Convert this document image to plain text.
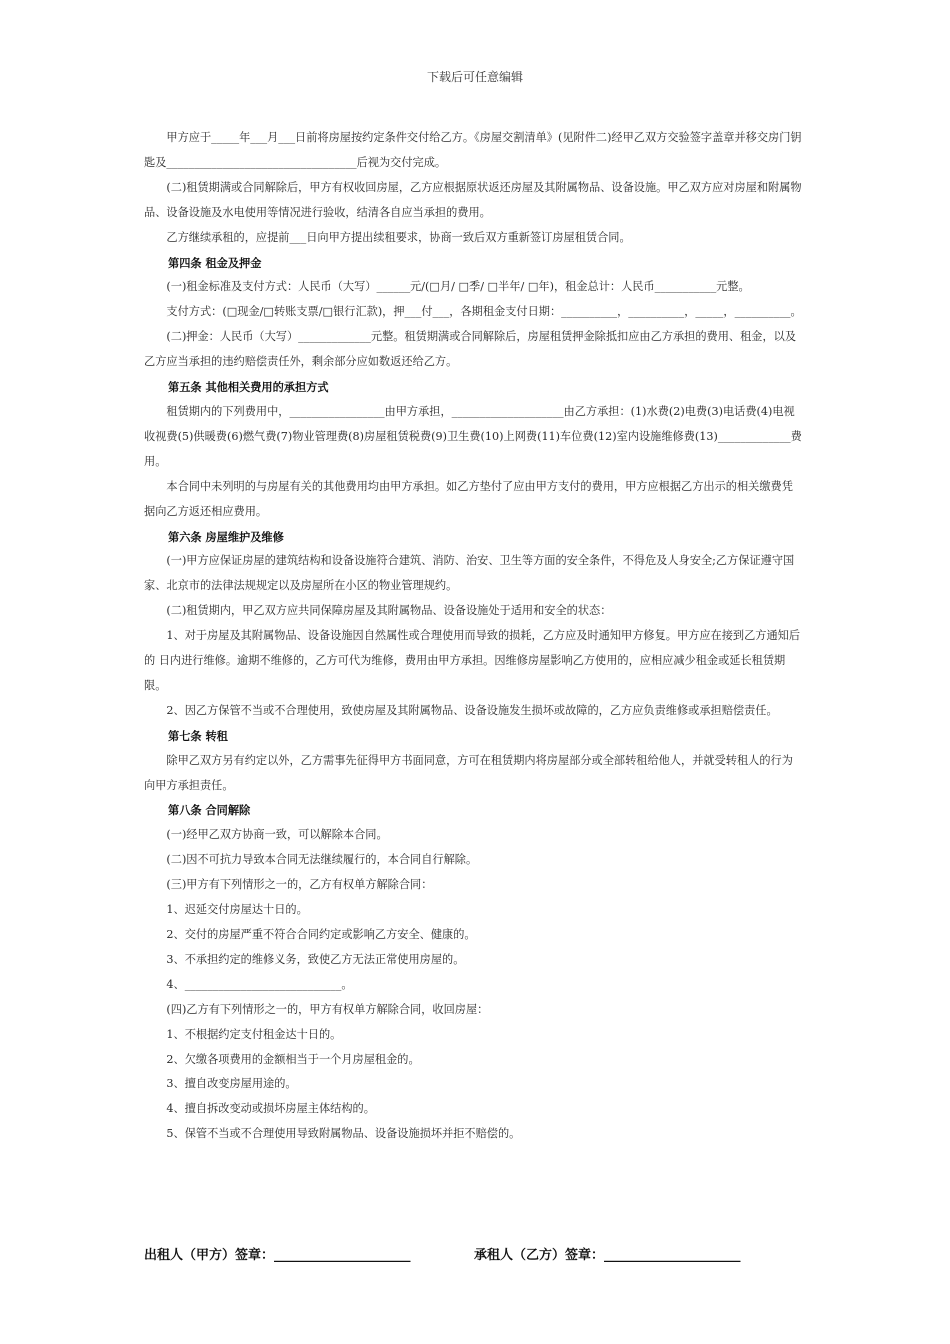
下载后可任意编辑

甲方应于_____年___月___日前将房屋按约定条件交付给乙方。《房屋交割清单》(见附件二)经甲乙双方交验签字盖章并移交房门钥匙及__________________________________后视为交付完成。

(二)租赁期满或合同解除后，甲方有权收回房屋，乙方应根据原状返还房屋及其附属物品、设备设施。甲乙双方应对房屋和附属物品、设备设施及水电使用等情况进行验收，结清各自应当承担的费用。

乙方继续承租的，应提前___日向甲方提出续租要求，协商一致后双方重新签订房屋租赁合同。

第四条 租金及押金

(一)租金标准及支付方式：人民币（大写）______元/(□月/ □季/ □半年/ □年)，租金总计：人民币___________元整。

支付方式：(□现金/□转账支票/□银行汇款)，押___付___，各期租金支付日期：__________，__________，_____，__________。

(二)押金：人民币（大写）_____________元整。租赁期满或合同解除后，房屋租赁押金除抵扣应由乙方承担的费用、租金，以及乙方应当承担的违约赔偿责任外，剩余部分应如数返还给乙方。

第五条 其他相关费用的承担方式

租赁期内的下列费用中，_________________由甲方承担，____________________由乙方承担：(1)水费(2)电费(3)电话费(4)电视收视费(5)供暖费(6)燃气费(7)物业管理费(8)房屋租赁税费(9)卫生费(10)上网费(11)车位费(12)室内设施维修费(13)_____________费用。

本合同中未列明的与房屋有关的其他费用均由甲方承担。如乙方垫付了应由甲方支付的费用，甲方应根据乙方出示的相关缴费凭据向乙方返还相应费用。

第六条 房屋维护及维修

(一)甲方应保证房屋的建筑结构和设备设施符合建筑、消防、治安、卫生等方面的安全条件，不得危及人身安全;乙方保证遵守国家、北京市的法律法规规定以及房屋所在小区的物业管理规约。

(二)租赁期内，甲乙双方应共同保障房屋及其附属物品、设备设施处于适用和安全的状态：

1、对于房屋及其附属物品、设备设施因自然属性或合理使用而导致的损耗，乙方应及时通知甲方修复。甲方应在接到乙方通知后的 日内进行维修。逾期不维修的，乙方可代为维修，费用由甲方承担。因维修房屋影响乙方使用的，应相应减少租金或延长租赁期限。

2、因乙方保管不当或不合理使用，致使房屋及其附属物品、设备设施发生损坏或故障的，乙方应负责维修或承担赔偿责任。

第七条 转租

除甲乙双方另有约定以外，乙方需事先征得甲方书面同意，方可在租赁期内将房屋部分或全部转租给他人，并就受转租人的行为向甲方承担责任。

第八条 合同解除

(一)经甲乙双方协商一致，可以解除本合同。

(二)因不可抗力导致本合同无法继续履行的，本合同自行解除。

(三)甲方有下列情形之一的，乙方有权单方解除合同：

1、迟延交付房屋达十日的。

2、交付的房屋严重不符合合同约定或影响乙方安全、健康的。

3、不承担约定的维修义务，致使乙方无法正常使用房屋的。

4、____________________________。

(四)乙方有下列情形之一的，甲方有权单方解除合同，收回房屋：

1、不根据约定支付租金达十日的。

2、欠缴各项费用的金额相当于一个月房屋租金的。

3、擅自改变房屋用途的。

4、擅自拆改变动或损坏房屋主体结构的。

5、保管不当或不合理使用导致附属物品、设备设施损坏并拒不赔偿的。

出租人（甲方）签章：_____________________	承租人（乙方）签章：_____________________
